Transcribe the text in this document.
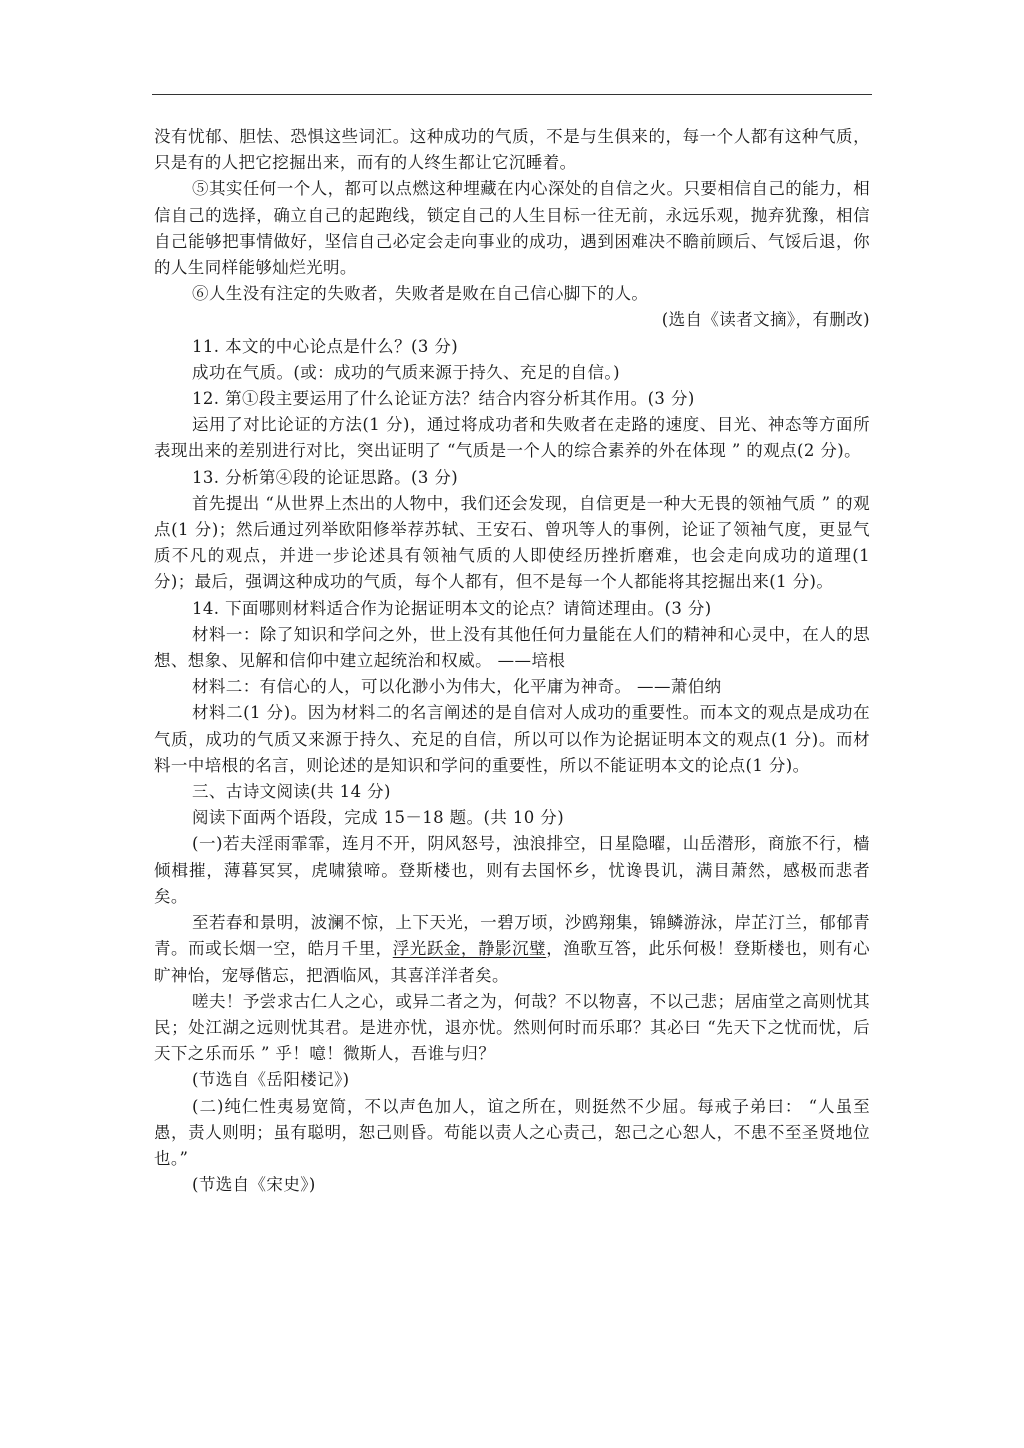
没有忧郁、胆怯、恐惧这些词汇。这种成功的气质，不是与生俱来的，每一个人都有这种气质，只是有的人把它挖掘出来，而有的人终生都让它沉睡着。

⑤其实任何一个人，都可以点燃这种埋藏在内心深处的自信之火。只要相信自己的能力，相信自己的选择，确立自己的起跑线，锁定自己的人生目标一往无前，永远乐观，抛弃犹豫，相信自己能够把事情做好，坚信自己必定会走向事业的成功，遇到困难决不瞻前顾后、气馁后退，你的人生同样能够灿烂光明。

⑥人生没有注定的失败者，失败者是败在自己信心脚下的人。

(选自《读者文摘》，有删改)

11. 本文的中心论点是什么？(3 分)

成功在气质。(或：成功的气质来源于持久、充足的自信。)

12. 第①段主要运用了什么论证方法？结合内容分析其作用。(3 分)

运用了对比论证的方法(1 分)，通过将成功者和失败者在走路的速度、目光、神态等方面所表现出来的差别进行对比，突出证明了 “气质是一个人的综合素养的外在体现 ” 的观点(2 分)。

13. 分析第④段的论证思路。(3 分)

首先提出 “从世界上杰出的人物中，我们还会发现，自信更是一种大无畏的领袖气质 ” 的观点(1 分)；然后通过列举欧阳修举荐苏轼、王安石、曾巩等人的事例，论证了领袖气度，更显气质不凡的观点，并进一步论述具有领袖气质的人即使经历挫折磨难，也会走向成功的道理(1 分)；最后，强调这种成功的气质，每个人都有，但不是每一个人都能将其挖掘出来(1 分)。

14. 下面哪则材料适合作为论据证明本文的论点？请简述理由。(3 分)

材料一：除了知识和学问之外，世上没有其他任何力量能在人们的精神和心灵中，在人的思想、想象、见解和信仰中建立起统治和权威。 ——培根

材料二：有信心的人，可以化渺小为伟大，化平庸为神奇。 ——萧伯纳

材料二(1 分)。因为材料二的名言阐述的是自信对人成功的重要性。而本文的观点是成功在气质，成功的气质又来源于持久、充足的自信，所以可以作为论据证明本文的观点(1 分)。而材料一中培根的名言，则论述的是知识和学问的重要性，所以不能证明本文的论点(1 分)。

三、古诗文阅读(共 14 分)

阅读下面两个语段，完成 15－18 题。(共 10 分)

(一)若夫淫雨霏霏，连月不开，阴风怒号，浊浪排空，日星隐曜，山岳潜形，商旅不行，樯倾楫摧，薄暮冥冥，虎啸猿啼。登斯楼也，则有去国怀乡，忧谗畏讥，满目萧然，感极而悲者矣。

至若春和景明，波澜不惊，上下天光，一碧万顷，沙鸥翔集，锦鳞游泳，岸芷汀兰，郁郁青青。而或长烟一空，皓月千里，浮光跃金，静影沉璧，渔歌互答，此乐何极！登斯楼也，则有心旷神怡，宠辱偕忘，把酒临风，其喜洋洋者矣。

嗟夫！予尝求古仁人之心，或异二者之为，何哉？不以物喜，不以己悲；居庙堂之高则忧其民；处江湖之远则忧其君。是进亦忧，退亦忧。然则何时而乐耶？其必曰 “先天下之忧而忧，后天下之乐而乐 ” 乎！噫！微斯人，吾谁与归？

(节选自《岳阳楼记》)

(二)纯仁性夷易宽简，不以声色加人，谊之所在，则挺然不少屈。每戒子弟曰： “人虽至愚，责人则明；虽有聪明，恕己则昏。苟能以责人之心责己，恕己之心恕人，不患不至圣贤地位也。”

(节选自《宋史》)
